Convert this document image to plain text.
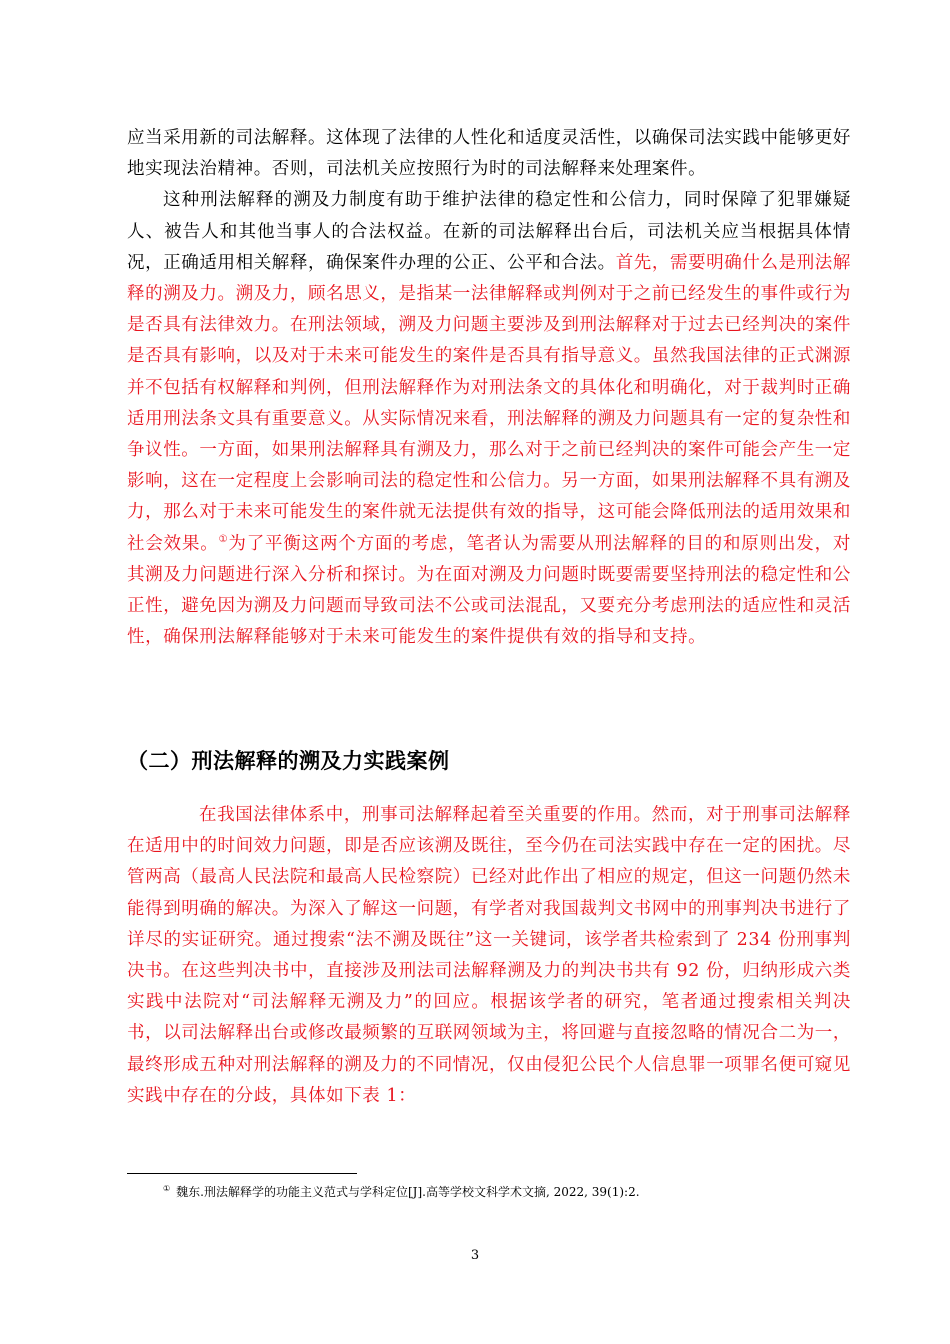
应当采用新的司法解释。这体现了法律的人性化和适度灵活性，以确保司法实践中能够更好地实现法治精神。否则，司法机关应按照行为时的司法解释来处理案件。

这种刑法解释的溯及力制度有助于维护法律的稳定性和公信力，同时保障了犯罪嫌疑人、被告人和其他当事人的合法权益。在新的司法解释出台后，司法机关应当根据具体情况，正确适用相关解释，确保案件办理的公正、公平和合法。首先，需要明确什么是刑法解释的溯及力。溯及力，顾名思义，是指某一法律解释或判例对于之前已经发生的事件或行为是否具有法律效力。在刑法领域，溯及力问题主要涉及到刑法解释对于过去已经判决的案件是否具有影响，以及对于未来可能发生的案件是否具有指导意义。虽然我国法律的正式渊源并不包括有权解释和判例，但刑法解释作为对刑法条文的具体化和明确化，对于裁判时正确适用刑法条文具有重要意义。从实际情况来看，刑法解释的溯及力问题具有一定的复杂性和争议性。一方面，如果刑法解释具有溯及力，那么对于之前已经判决的案件可能会产生一定影响，这在一定程度上会影响司法的稳定性和公信力。另一方面，如果刑法解释不具有溯及力，那么对于未来可能发生的案件就无法提供有效的指导，这可能会降低刑法的适用效果和社会效果。①为了平衡这两个方面的考虑，笔者认为需要从刑法解释的目的和原则出发，对其溯及力问题进行深入分析和探讨。为在面对溯及力问题时既要需要坚持刑法的稳定性和公正性，避免因为溯及力问题而导致司法不公或司法混乱，又要充分考虑刑法的适应性和灵活性，确保刑法解释能够对于未来可能发生的案件提供有效的指导和支持。

（二）刑法解释的溯及力实践案例

在我国法律体系中，刑事司法解释起着至关重要的作用。然而，对于刑事司法解释在适用中的时间效力问题，即是否应该溯及既往，至今仍在司法实践中存在一定的困扰。尽管两高（最高人民法院和最高人民检察院）已经对此作出了相应的规定，但这一问题仍然未能得到明确的解决。为深入了解这一问题，有学者对我国裁判文书网中的刑事判决书进行了详尽的实证研究。通过搜索“法不溯及既往”这一关键词，该学者共检索到了 234 份刑事判决书。在这些判决书中，直接涉及刑法司法解释溯及力的判决书共有 92 份，归纳形成六类实践中法院对“司法解释无溯及力”的回应。根据该学者的研究，笔者通过搜索相关判决书，以司法解释出台或修改最频繁的互联网领域为主，将回避与直接忽略的情况合二为一，最终形成五种对刑法解释的溯及力的不同情况，仅由侵犯公民个人信息罪一项罪名便可窥见实践中存在的分歧，具体如下表 1：

① 魏东.刑法解释学的功能主义范式与学科定位[J].高等学校文科学术文摘, 2022, 39(1):2.

3
